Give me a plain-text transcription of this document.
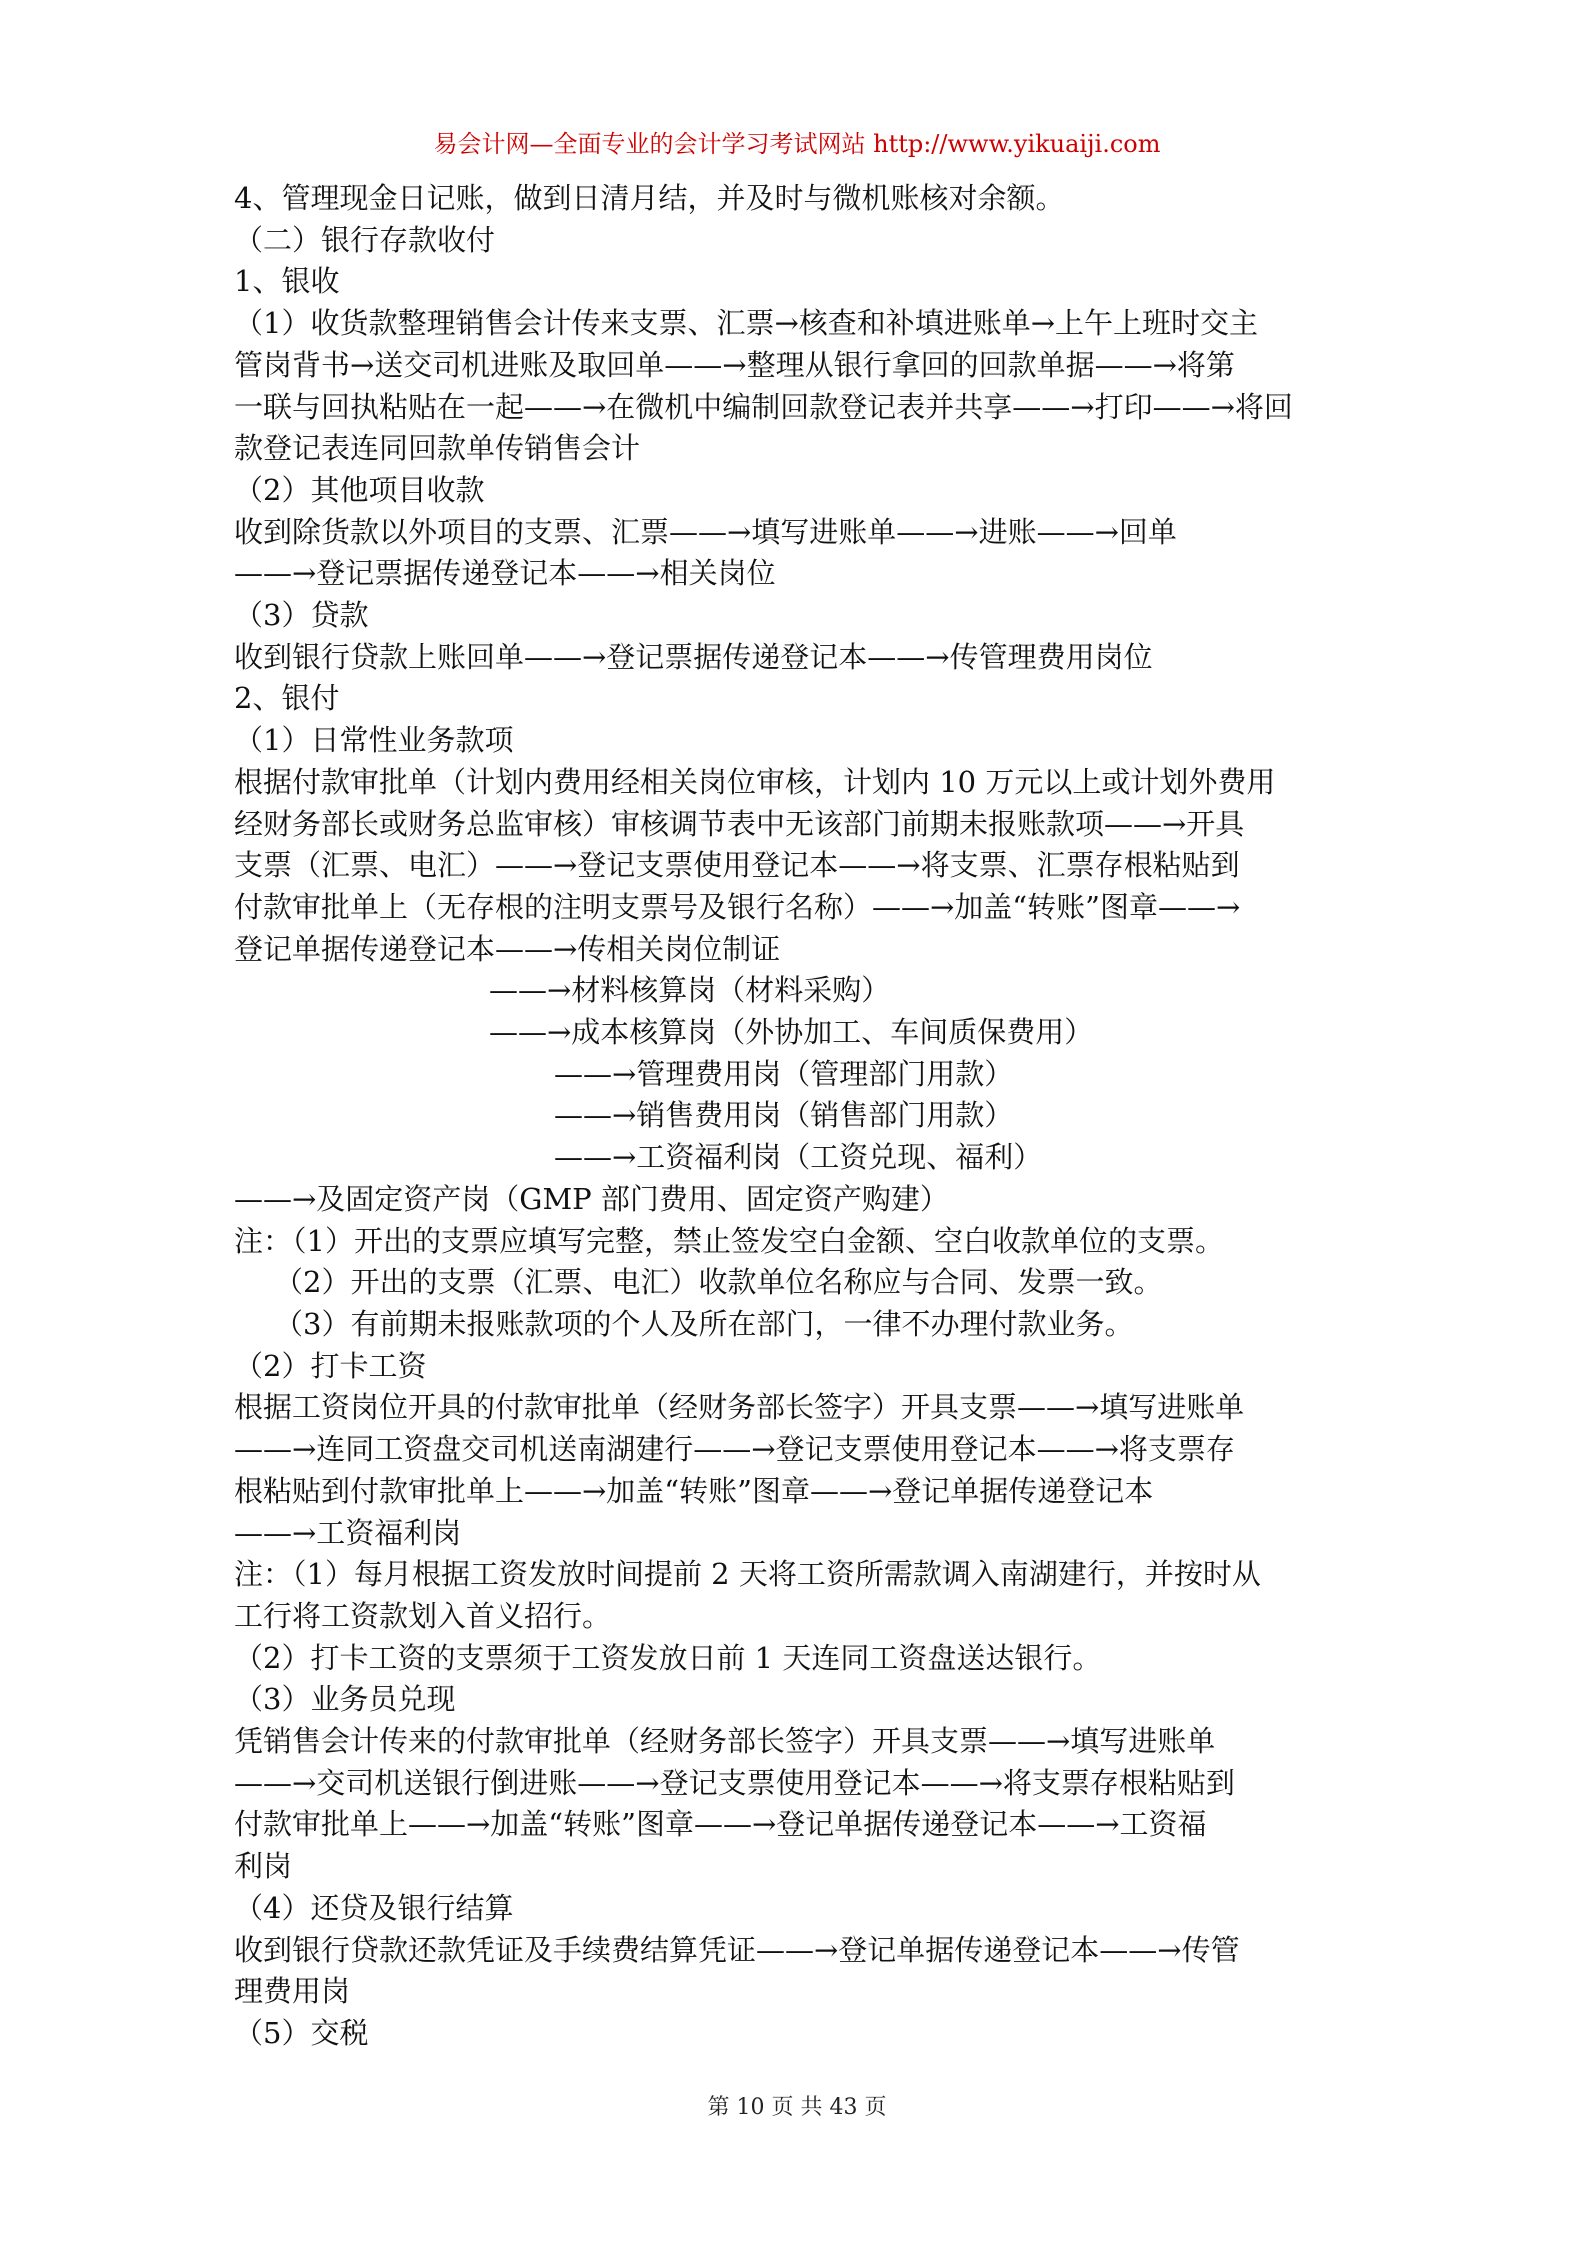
易会计网—全面专业的会计学习考试网站 http://www.yikuaiji.com
4、管理现金日记账，做到日清月结，并及时与微机账核对余额。
（二）银行存款收付
1、银收
（1）收货款整理销售会计传来支票、汇票→核查和补填进账单→上午上班时交主
管岗背书→送交司机进账及取回单——→整理从银行拿回的回款单据——→将第
一联与回执粘贴在一起——→在微机中编制回款登记表并共享——→打印——→将回
款登记表连同回款单传销售会计
（2）其他项目收款
收到除货款以外项目的支票、汇票——→填写进账单——→进账——→回单
——→登记票据传递登记本——→相关岗位
（3）贷款
收到银行贷款上账回单——→登记票据传递登记本——→传管理费用岗位
2、银付
（1）日常性业务款项
根据付款审批单（计划内费用经相关岗位审核，计划内 10 万元以上或计划外费用
经财务部长或财务总监审核）审核调节表中无该部门前期未报账款项——→开具
支票（汇票、电汇）——→登记支票使用登记本——→将支票、汇票存根粘贴到
付款审批单上（无存根的注明支票号及银行名称）——→加盖“转账”图章——→
登记单据传递登记本——→传相关岗位制证
——→材料核算岗（材料采购）
——→成本核算岗（外协加工、车间质保费用）
——→管理费用岗（管理部门用款）
——→销售费用岗（销售部门用款）
——→工资福利岗（工资兑现、福利）
——→及固定资产岗（GMP 部门费用、固定资产购建）
注：（1）开出的支票应填写完整，禁止签发空白金额、空白收款单位的支票。
（2）开出的支票（汇票、电汇）收款单位名称应与合同、发票一致。
（3）有前期未报账款项的个人及所在部门，一律不办理付款业务。
（2）打卡工资
根据工资岗位开具的付款审批单（经财务部长签字）开具支票——→填写进账单
——→连同工资盘交司机送南湖建行——→登记支票使用登记本——→将支票存
根粘贴到付款审批单上——→加盖“转账”图章——→登记单据传递登记本
——→工资福利岗
注：（1）每月根据工资发放时间提前 2 天将工资所需款调入南湖建行，并按时从
工行将工资款划入首义招行。
（2）打卡工资的支票须于工资发放日前 1 天连同工资盘送达银行。
（3）业务员兑现
凭销售会计传来的付款审批单（经财务部长签字）开具支票——→填写进账单
——→交司机送银行倒进账——→登记支票使用登记本——→将支票存根粘贴到
付款审批单上——→加盖“转账”图章——→登记单据传递登记本——→工资福
利岗
（4）还贷及银行结算
收到银行贷款还款凭证及手续费结算凭证——→登记单据传递登记本——→传管
理费用岗
（5）交税
第 10 页 共 43 页
